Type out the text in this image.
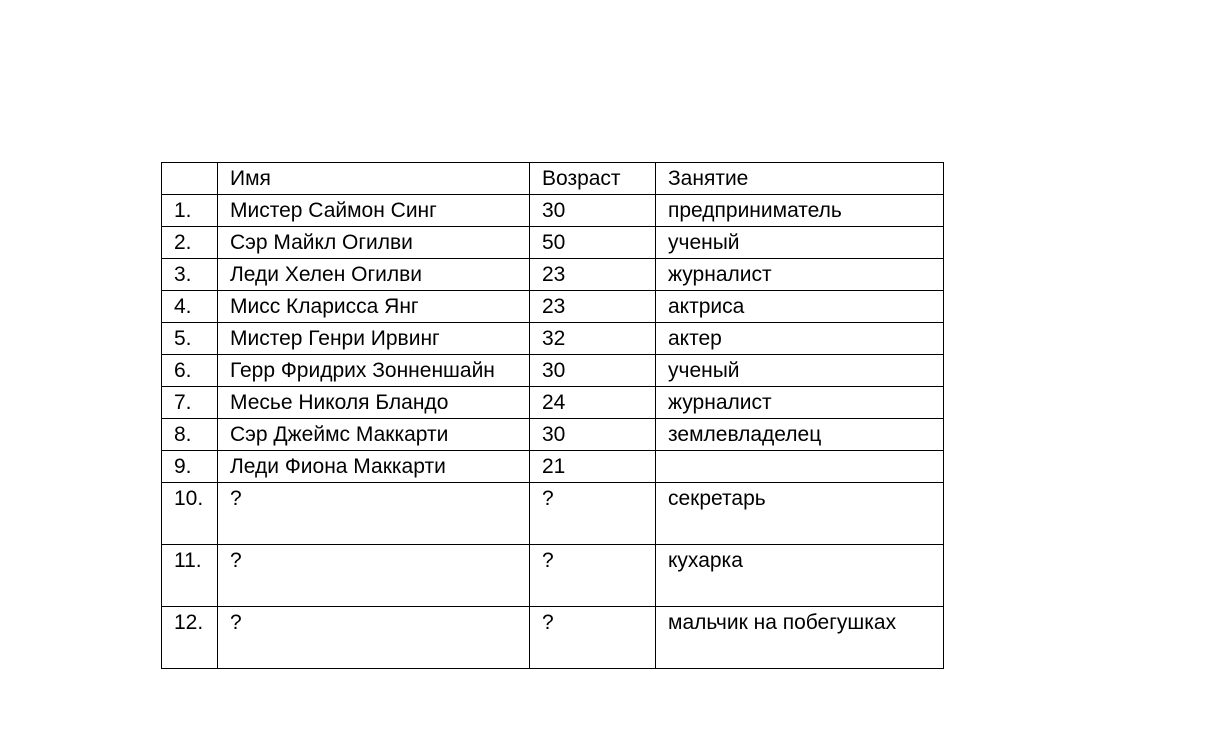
	Имя	Возраст	Занятие
1.	Мистер Саймон Синг	30	предприниматель
2.	Сэр Майкл Огилви	50	ученый
3.	Леди Хелен Огилви	23	журналист
4.	Мисс Кларисса Янг	23	актриса
5.	Мистер Генри Ирвинг	32	актер
6.	Герр Фридрих Зонненшайн	30	ученый
7.	Месье Николя Бландо	24	журналист
8.	Сэр Джеймс Маккарти	30	землевладелец
9.	Леди Фиона Маккарти	21	

10.	?	?	секретарь

11.	?	?	кухарка

12.	?	?	мальчик на побегушках
